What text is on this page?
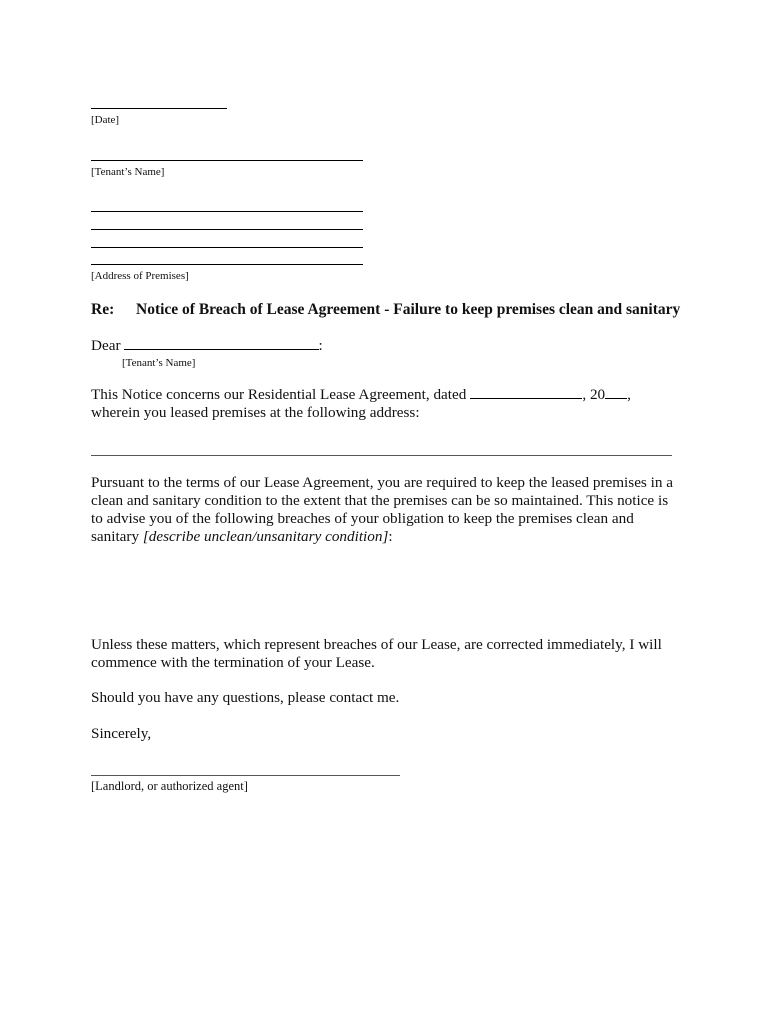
[Date]
[Tenant’s Name]
[Address of Premises]
Re: Notice of Breach of Lease Agreement - Failure to keep premises clean and sanitary
Dear	:
[Tenant’s Name]
This Notice concerns our Residential Lease Agreement, dated	, 20 ,
wherein you leased premises at the following address:
Pursuant to the terms of our Lease Agreement, you are required to keep the leased premises in a clean and sanitary condition to the extent that the premises can be so maintained. This notice is to advise you of the following breaches of your obligation to keep the premises clean and sanitary [describe unclean/unsanitary condition]:
Unless these matters, which represent breaches of our Lease, are corrected immediately, I will commence with the termination of your Lease.
Should you have any questions, please contact me.
Sincerely,
[Landlord, or authorized agent]
